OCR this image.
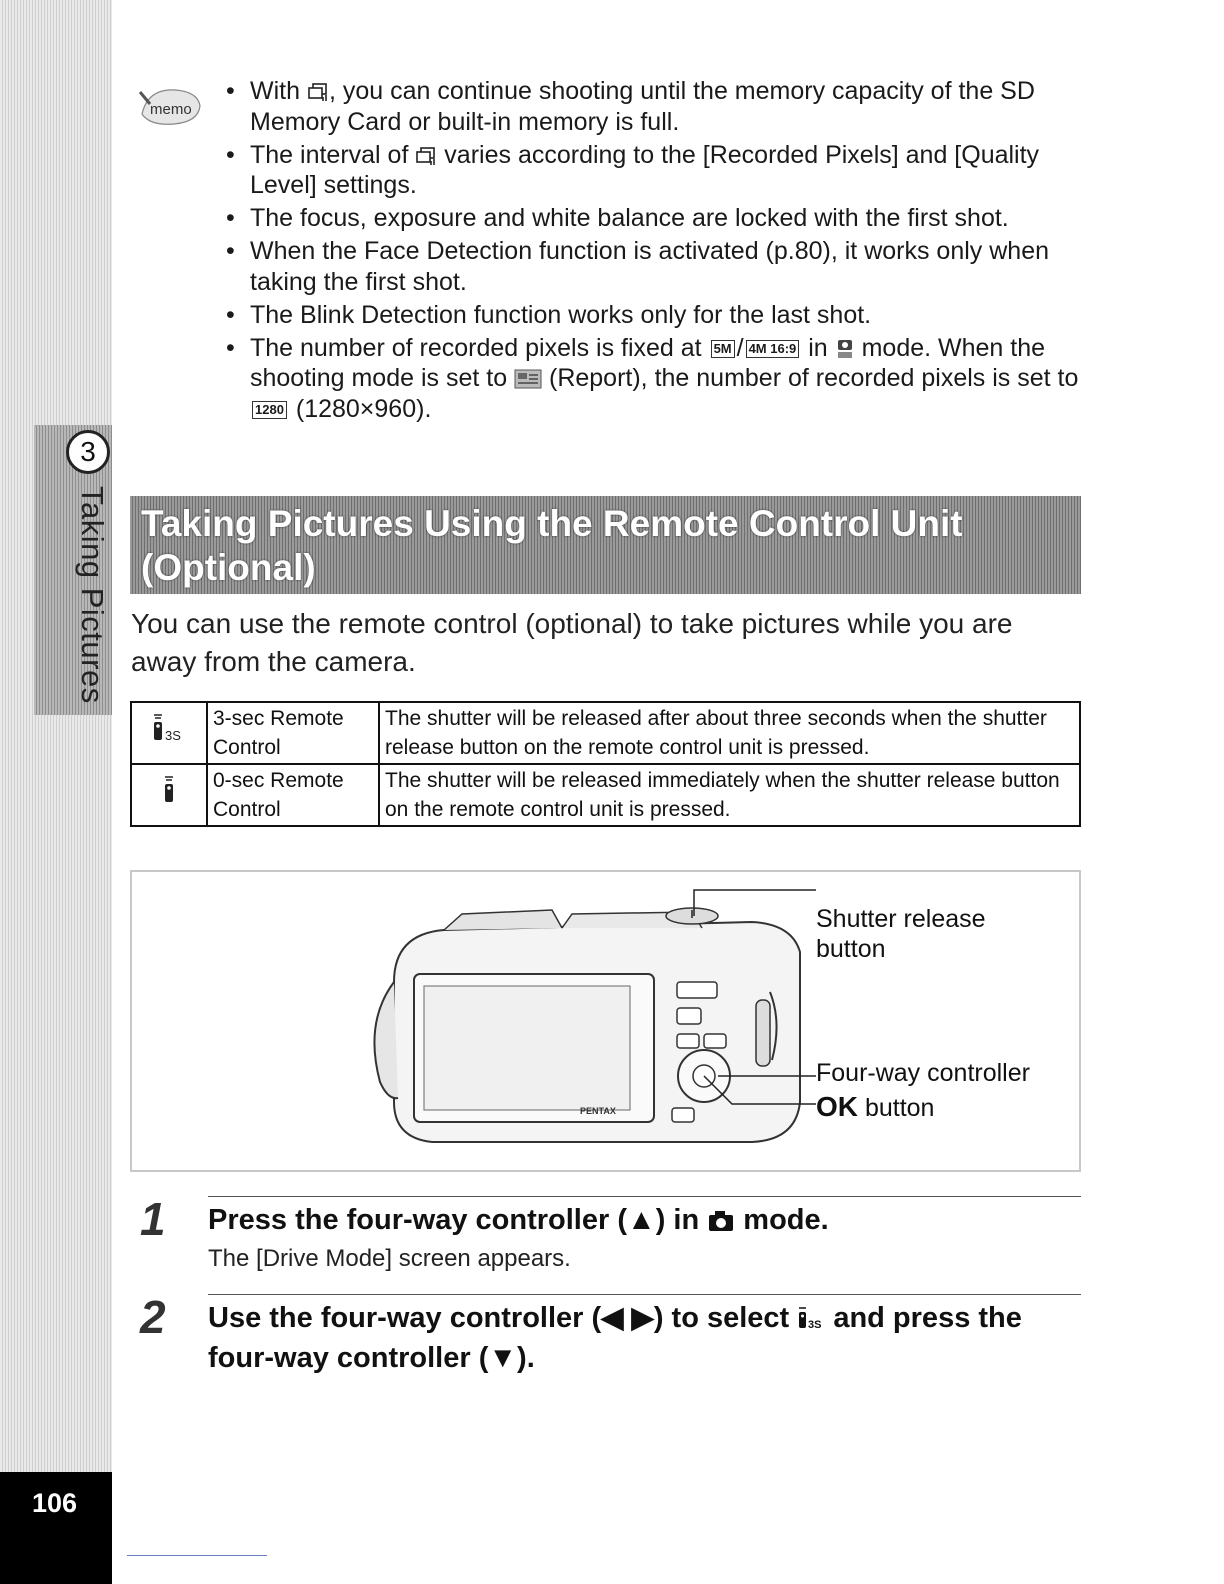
3
Taking Pictures
106
memo
• With , you can continue shooting until the memory capacity of the SD Memory Card or built-in memory is full.
• The interval of  varies according to the [Recorded Pixels] and [Quality Level] settings.
• The focus, exposure and white balance are locked with the first shot.
• When the Face Detection function is activated (p.80), it works only when taking the first shot.
• The Blink Detection function works only for the last shot.
• The number of recorded pixels is fixed at 5M / 4M 16:9 in  mode. When the shooting mode is set to  (Report), the number of recorded pixels is set to 1280 (1280×960).
Taking Pictures Using the Remote Control Unit (Optional)

You can use the remote control (optional) to take pictures while you are away from the camera.

3S	3-sec Remote Control	The shutter will be released after about three seconds when the shutter release button on the remote control unit is pressed.
	0-sec Remote Control	The shutter will be released immediately when the shutter release button on the remote control unit is pressed.
PENTAX
Shutter release button
Four-way controller
OK button
1 Press the four-way controller (▲) in  mode.
The [Drive Mode] screen appears.
2 Use the four-way controller (◀ ▶) to select 3S and press the four-way controller (▼).
